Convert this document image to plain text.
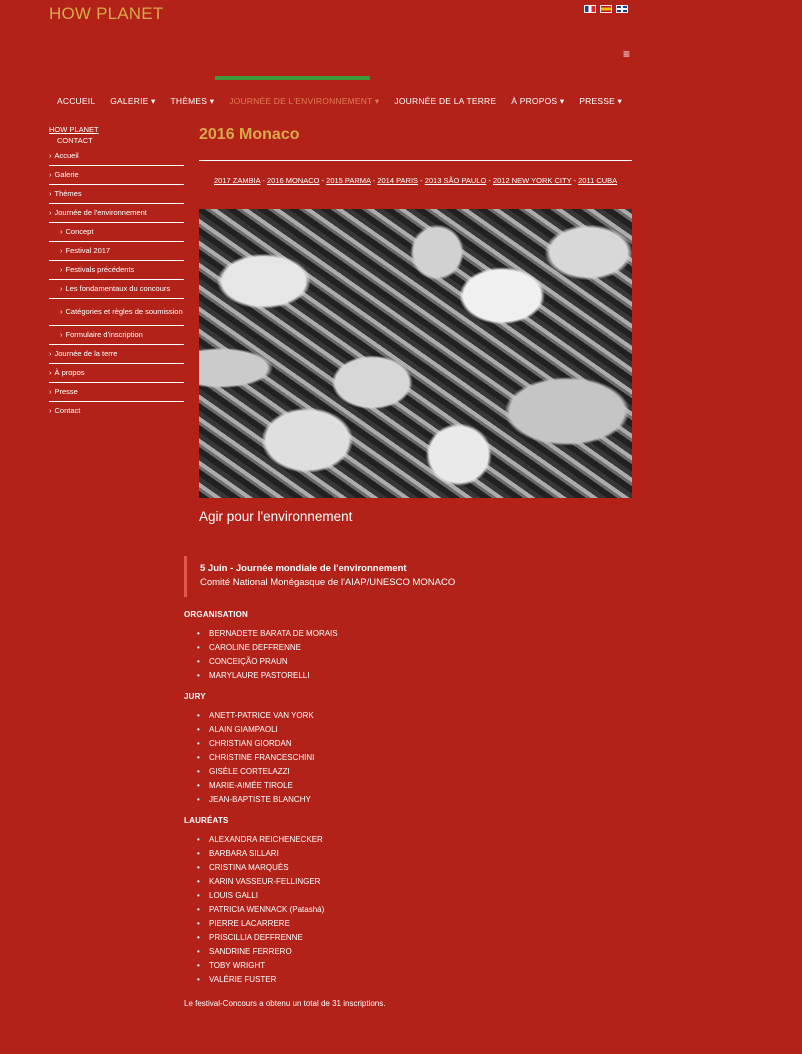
HOW PLANET
≡
ACCUEIL GALERIE ▾ THÈMES ▾ JOURNÉE DE L'ENVIRONNEMENT ▾ JOURNÉE DE LA TERRE À PROPOS ▾ PRESSE ▾
HOW PLANET
CONTACT
› Accueil
› Galerie
› Thèmes
› Journée de l'environnement
› Concept
› Festival 2017
› Festivals précédents
› Les fondamentaux du concours
› Catégories et règles de soumission
› Formulaire d'inscription
› Journée de la terre
› À propos
› Presse
› Contact
2016 Monaco
2017 ZAMBIA - 2016 MONACO - 2015 PARMA - 2014 PARIS - 2013 SÃO PAULO - 2012 NEW YORK CITY - 2011 CUBA
Agir pour l'environnement
5 Juin - Journée mondiale de l'environnement
Comité National Monégasque de l'AIAP/UNESCO MONACO
ORGANISATION
• BERNADETE BARATA DE MORAIS
• CAROLINE DEFFRENNE
• CONCEIÇÃO PRAUN
• MARYLAURE PASTORELLI
JURY
• ANETT-PATRICE VAN YORK
• ALAIN GIAMPAOLI
• CHRISTIAN GIORDAN
• CHRISTINE FRANCESCHINI
• GISÈLE CORTELAZZI
• MARIE-AIMÉE TIROLE
• JEAN-BAPTISTE BLANCHY
LAURÉATS
• ALEXANDRA REICHENECKER
• BARBARA SILLARI
• CRISTINA MARQUÈS
• KARIN VASSEUR-FELLINGER
• LOUIS GALLI
• PATRICIA WENNACK (Patashá)
• PIERRE LACARRERE
• PRISCILLIA DEFFRENNE
• SANDRINE FERRERO
• TOBY WRIGHT
• VALÉRIE FUSTER

Le festival-Concours a obtenu un total de 31 inscriptions.
